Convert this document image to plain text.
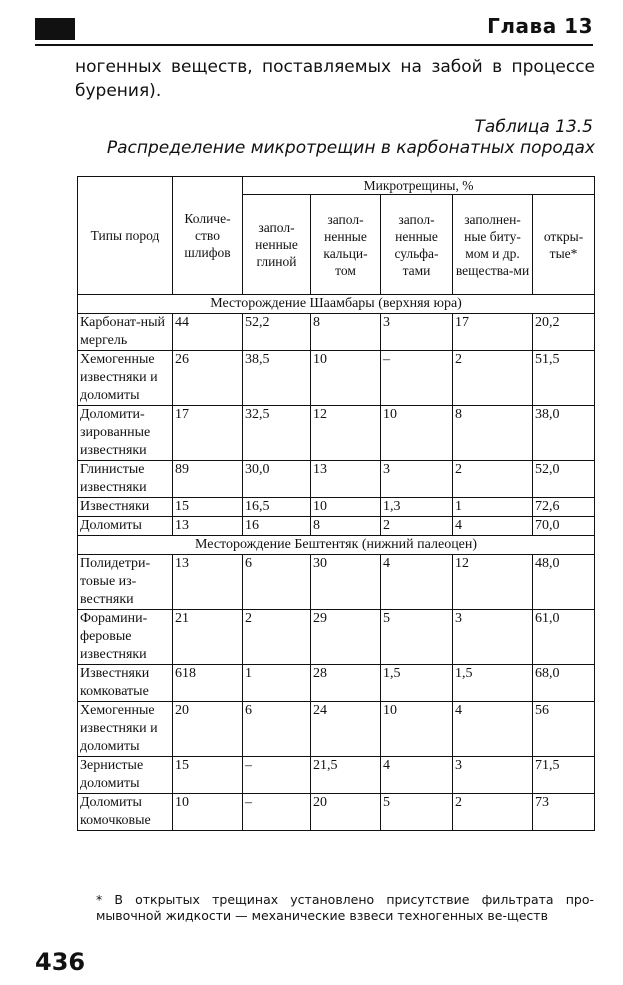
Глава 13
ногенных веществ, поставляемых на забой в процессе
бурения).
Таблица 13.5
Распределение микротрещин в карбонатных породах
Типы пород	Количе-ство шлифов	Микротрещины, %				
		запол-ненные глиной	запол-ненные кальци-том	запол-ненные сульфа-тами	заполнен-ные биту-мом и др. вещества-ми	откры-тые*
Месторождение Шаамбары (верхняя юра)						
Карбонат-ный мергель	44	52,2	8	3	17	20,2
Хемогенные известняки и доломиты	26	38,5	10	–	2	51,5
Доломити-зированные известняки	17	32,5	12	10	8	38,0
Глинистые известняки	89	30,0	13	3	2	52,0
Известняки	15	16,5	10	1,3	1	72,6
Доломиты	13	16	8	2	4	70,0
Месторождение Бештентяк (нижний палеоцен)						
Полидетри-товые из-вестняки	13	6	30	4	12	48,0
Форамини-феровые известняки	21	2	29	5	3	61,0
Известняки комковатые	618	1	28	1,5	1,5	68,0
Хемогенные известняки и доломиты	20	6	24	10	4	56
Зернистые доломиты	15	–	21,5	4	3	71,5
Доломиты комочковые	10	–	20	5	2	73
* В открытых трещинах установлено присутствие фильтрата про-мывочной жидкости — механические взвеси техногенных ве-ществ
436
